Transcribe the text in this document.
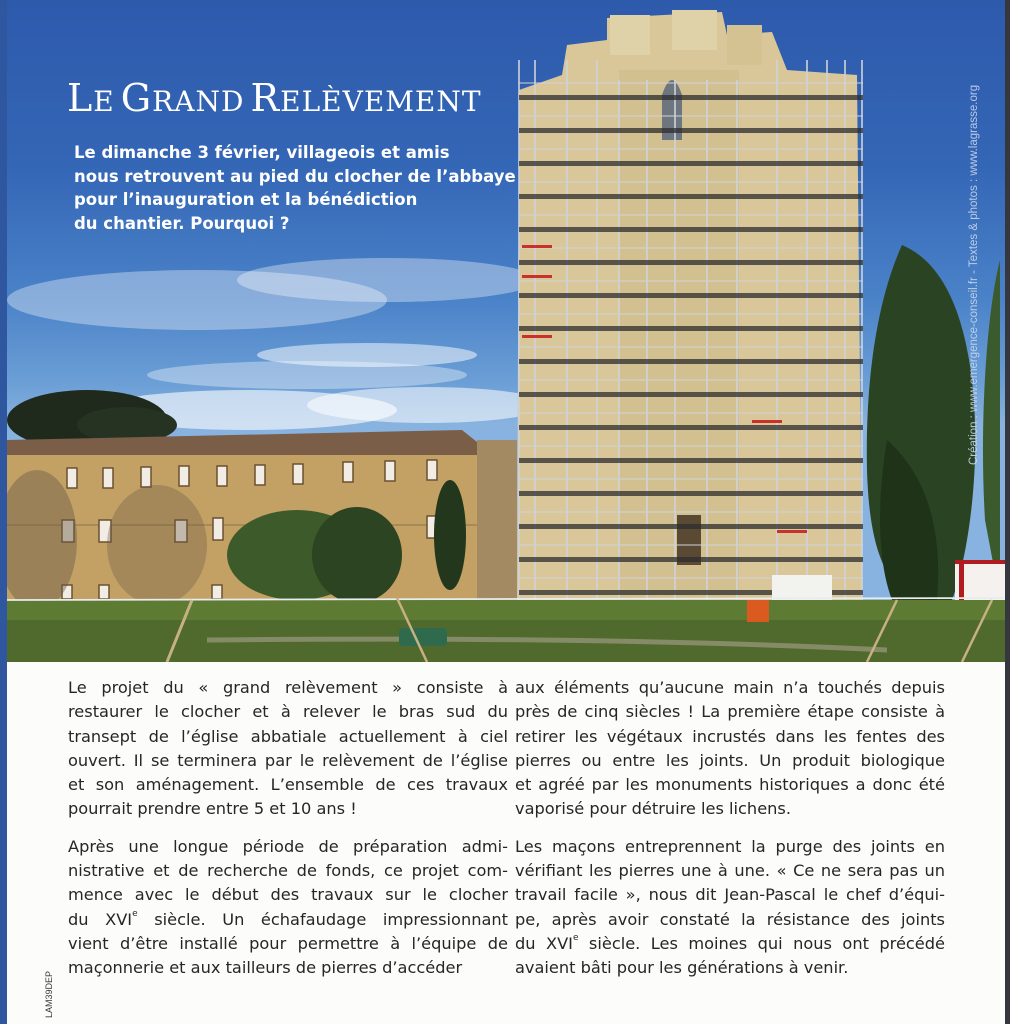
LE GRAND RELÈVEMENT
Le dimanche 3 février, villageois et amis
nous retrouvent au pied du clocher de l’abbaye
pour l’inauguration et la bénédiction
du chantier. Pourquoi ?	Création : www.emergence-conseil.fr - Textes & photos : www.lagrasse.org

Le projet du « grand relèvement » consiste à
restaurer le clocher et à relever le bras sud du
transept de l’église abbatiale actuellement à ciel
ouvert. Il se terminera par le relèvement de l’église
et son aménagement. L’ensemble de ces travaux
pourrait prendre entre 5 et 10 ans !

Après une longue période de préparation admi-
nistrative et de recherche de fonds, ce projet com-
mence avec le début des travaux sur le clocher
du XVIe siècle. Un échafaudage impressionnant
vient d’être installé pour permettre à l’équipe de
maçonnerie et aux tailleurs de pierres d’accéder

aux éléments qu’aucune main n’a touchés depuis
près de cinq siècles ! La première étape consiste à
retirer les végétaux incrustés dans les fentes des
pierres ou entre les joints. Un produit biologique
et agréé par les monuments historiques a donc été
vaporisé pour détruire les lichens.

Les maçons entreprennent la purge des joints en
vérifiant les pierres une à une. « Ce ne sera pas un
travail facile », nous dit Jean-Pascal le chef d’équi-
pe, après avoir constaté la résistance des joints
du XVIe siècle. Les moines qui nous ont précédé
avaient bâti pour les générations à venir.

LAM39DEP
